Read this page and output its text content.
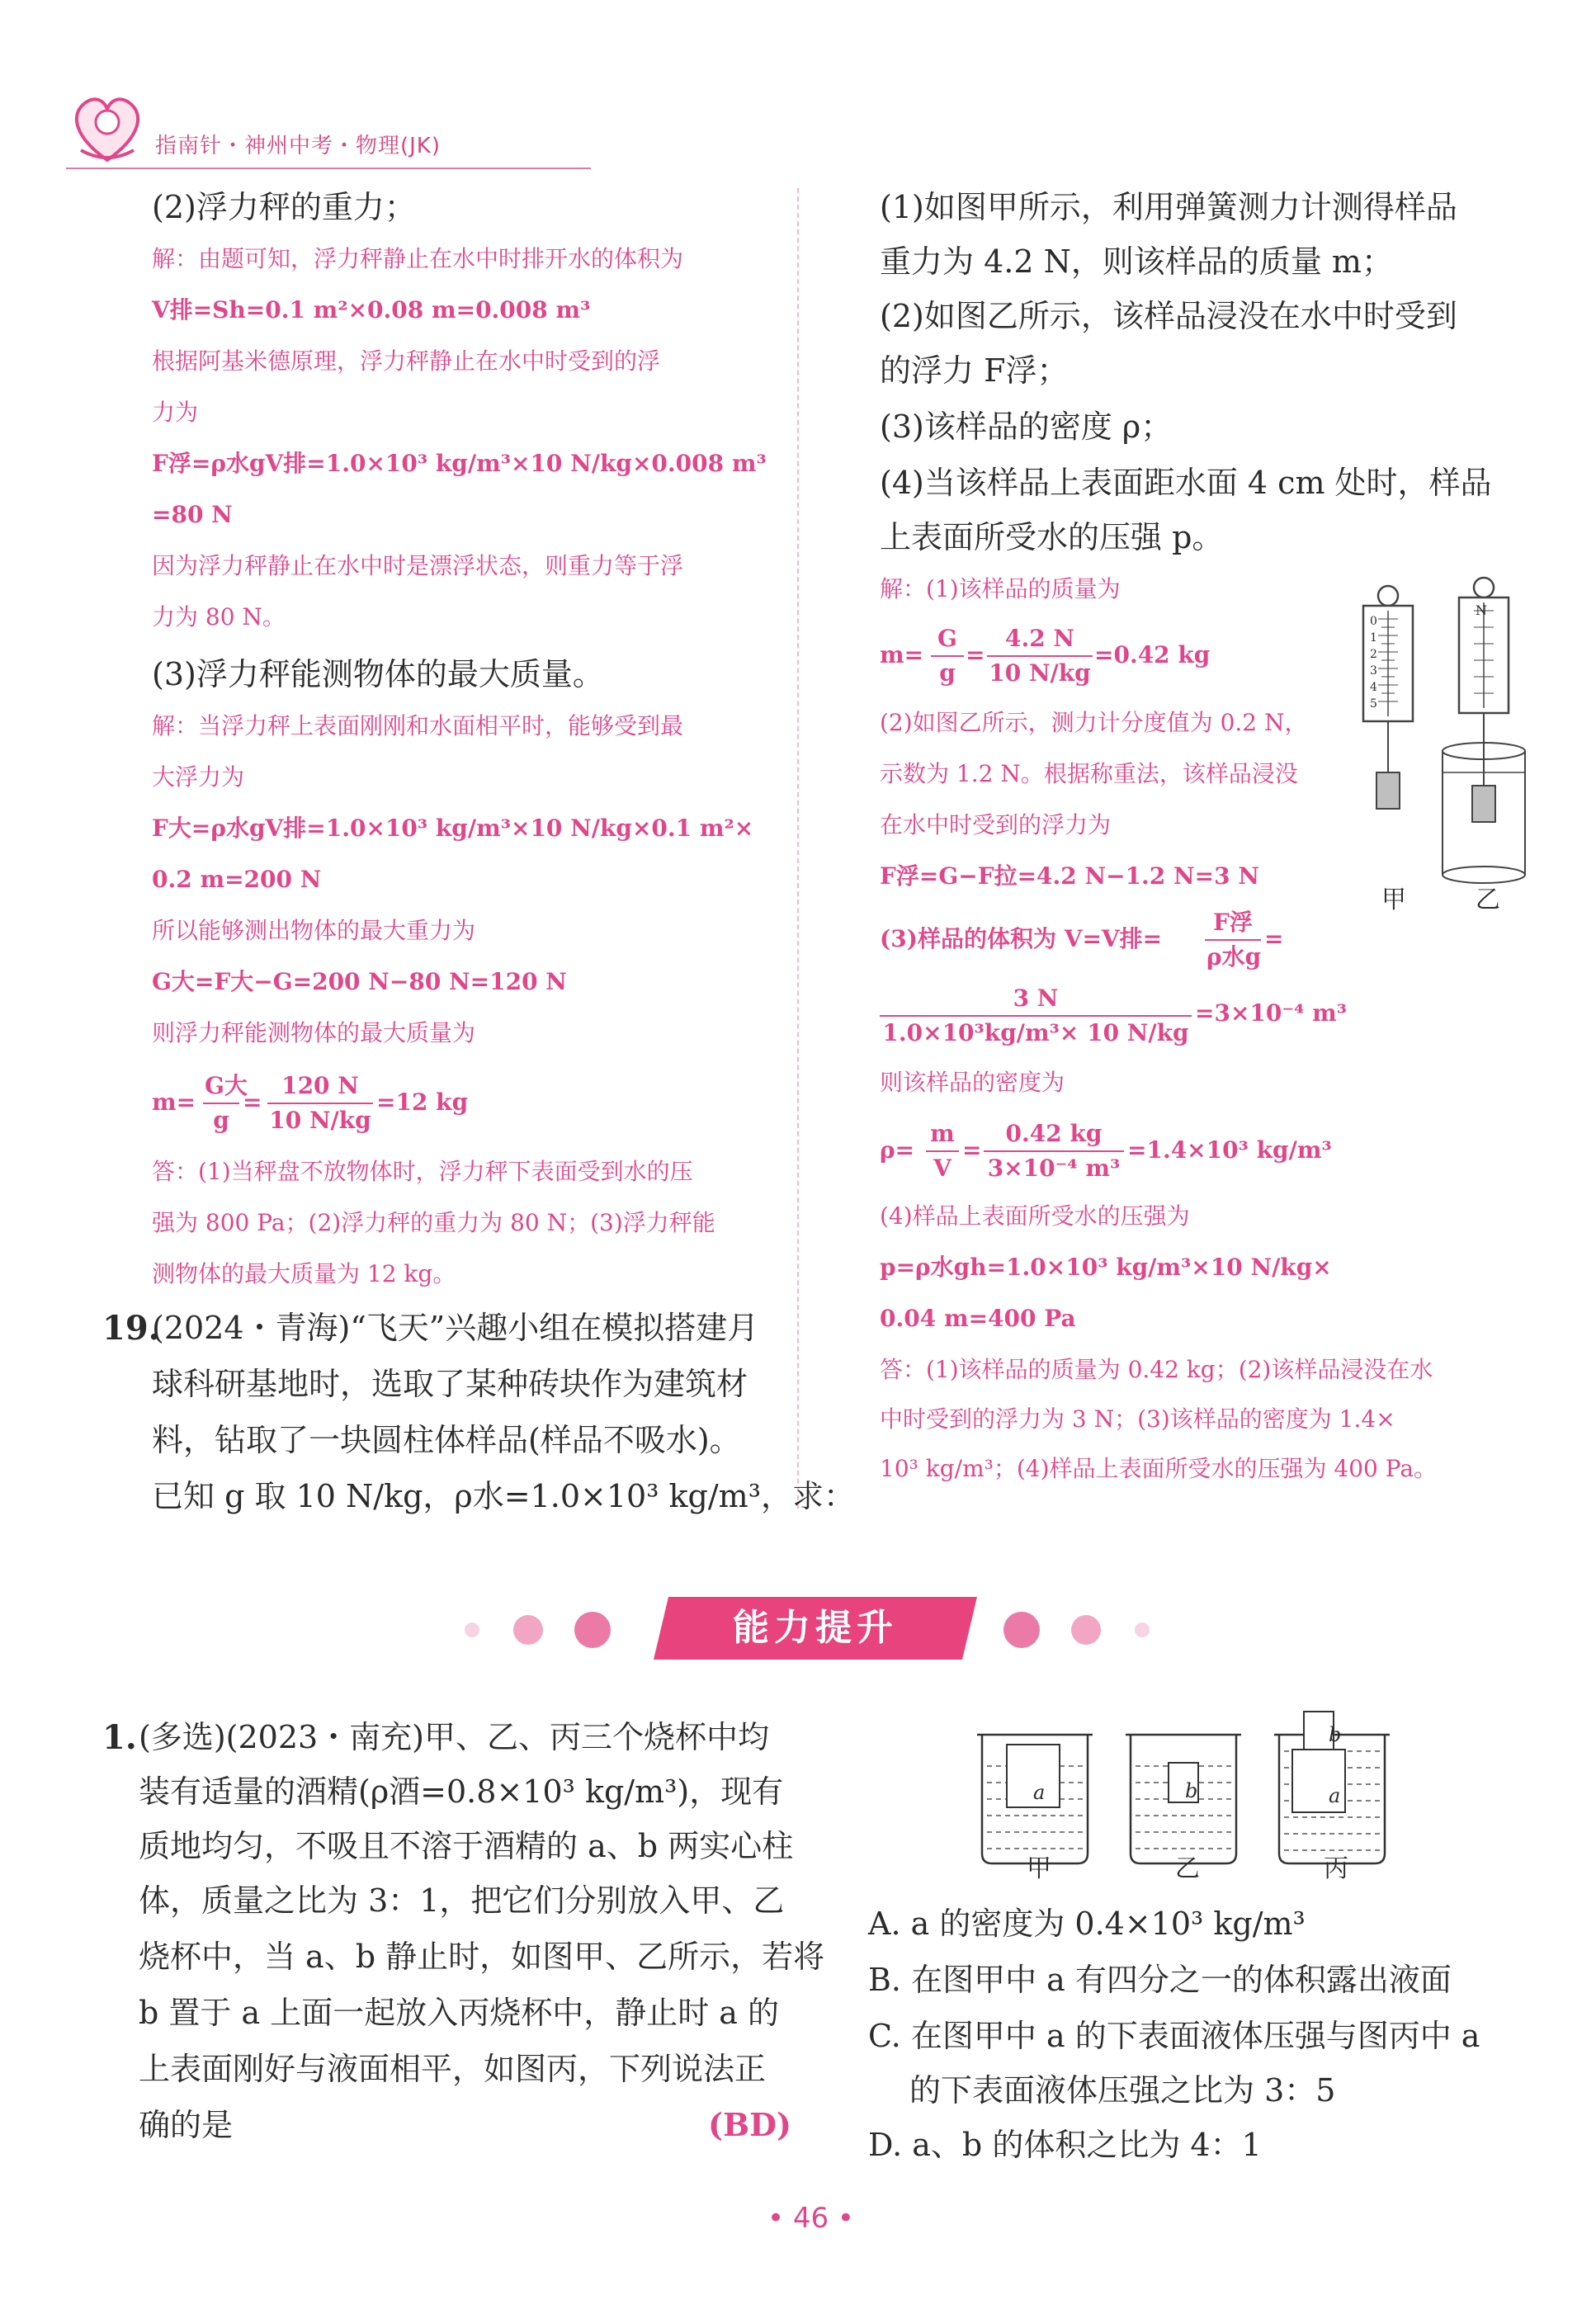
指南针・神州中考・物理(JK)
(2)浮力秤的重力；
解：由题可知，浮力秤静止在水中时排开水的体积为
V排=Sh=0.1 m²×0.08 m=0.008 m³
根据阿基米德原理，浮力秤静止在水中时受到的浮
力为
F浮=ρ水gV排=1.0×10³ kg/m³×10 N/kg×0.008 m³
=80 N
因为浮力秤静止在水中时是漂浮状态，则重力等于浮
力为 80 N。
(3)浮力秤能测物体的最大质量。
解：当浮力秤上表面刚刚和水面相平时，能够受到最
大浮力为
F大=ρ水gV排=1.0×10³ kg/m³×10 N/kg×0.1 m²×
0.2 m=200 N
所以能够测出物体的最大重力为
G大=F大−G=200 N−80 N=120 N
则浮力秤能测物体的最大质量为
m=
G大
g
=
120 N
10 N/kg
=12 kg
答：(1)当秤盘不放物体时，浮力秤下表面受到水的压
强为 800 Pa；(2)浮力秤的重力为 80 N；(3)浮力秤能
测物体的最大质量为 12 kg。
19.
(2024・青海)“飞天”兴趣小组在模拟搭建月
球科研基地时，选取了某种砖块作为建筑材
料，钻取了一块圆柱体样品(样品不吸水)。
已知 g 取 10 N/kg，ρ水=1.0×10³ kg/m³，求：
(1)如图甲所示，利用弹簧测力计测得样品
重力为 4.2 N，则该样品的质量 m；
(2)如图乙所示，该样品浸没在水中时受到
的浮力 F浮；
(3)该样品的密度 ρ；
(4)当该样品上表面距水面 4 cm 处时，样品
上表面所受水的压强 p。
解：(1)该样品的质量为
m=
G
g
=
4.2 N
10 N/kg
=0.42 kg
(2)如图乙所示，测力计分度值为 0.2 N，
示数为 1.2 N。根据称重法，该样品浸没
在水中时受到的浮力为
F浮=G−F拉=4.2 N−1.2 N=3 N
(3)样品的体积为 V=V排=
F浮
ρ水g
=
3 N
1.0×10³kg/m³× 10 N/kg
=3×10⁻⁴ m³
则该样品的密度为
ρ=
m
V
=
0.42 kg
3×10⁻⁴ m³
=1.4×10³ kg/m³
(4)样品上表面所受水的压强为
p=ρ水gh=1.0×10³ kg/m³×10 N/kg×
0.04 m=400 Pa
答：(1)该样品的质量为 0.42 kg；(2)该样品浸没在水
中时受到的浮力为 3 N；(3)该样品的密度为 1.4×
10³ kg/m³；(4)样品上表面所受水的压强为 400 Pa。
甲	乙
N
0
1
2
3
4
5
能力提升
1. (多选)(2023・南充)甲、乙、丙三个烧杯中均
装有适量的酒精(ρ酒=0.8×10³ kg/m³)，现有
质地均匀，不吸且不溶于酒精的 a、b 两实心柱
体，质量之比为 3：1，把它们分别放入甲、乙
烧杯中，当 a、b 静止时，如图甲、乙所示，若将
b 置于 a 上面一起放入丙烧杯中，静止时 a 的
上表面刚好与液面相平，如图丙，下列说法正
确的是	(BD)
a	b
b
a
甲	乙	丙
A. a 的密度为 0.4×10³ kg/m³
B. 在图甲中 a 有四分之一的体积露出液面
C. 在图甲中 a 的下表面液体压强与图丙中 a
的下表面液体压强之比为 3：5
D. a、b 的体积之比为 4：1
• 46 •
